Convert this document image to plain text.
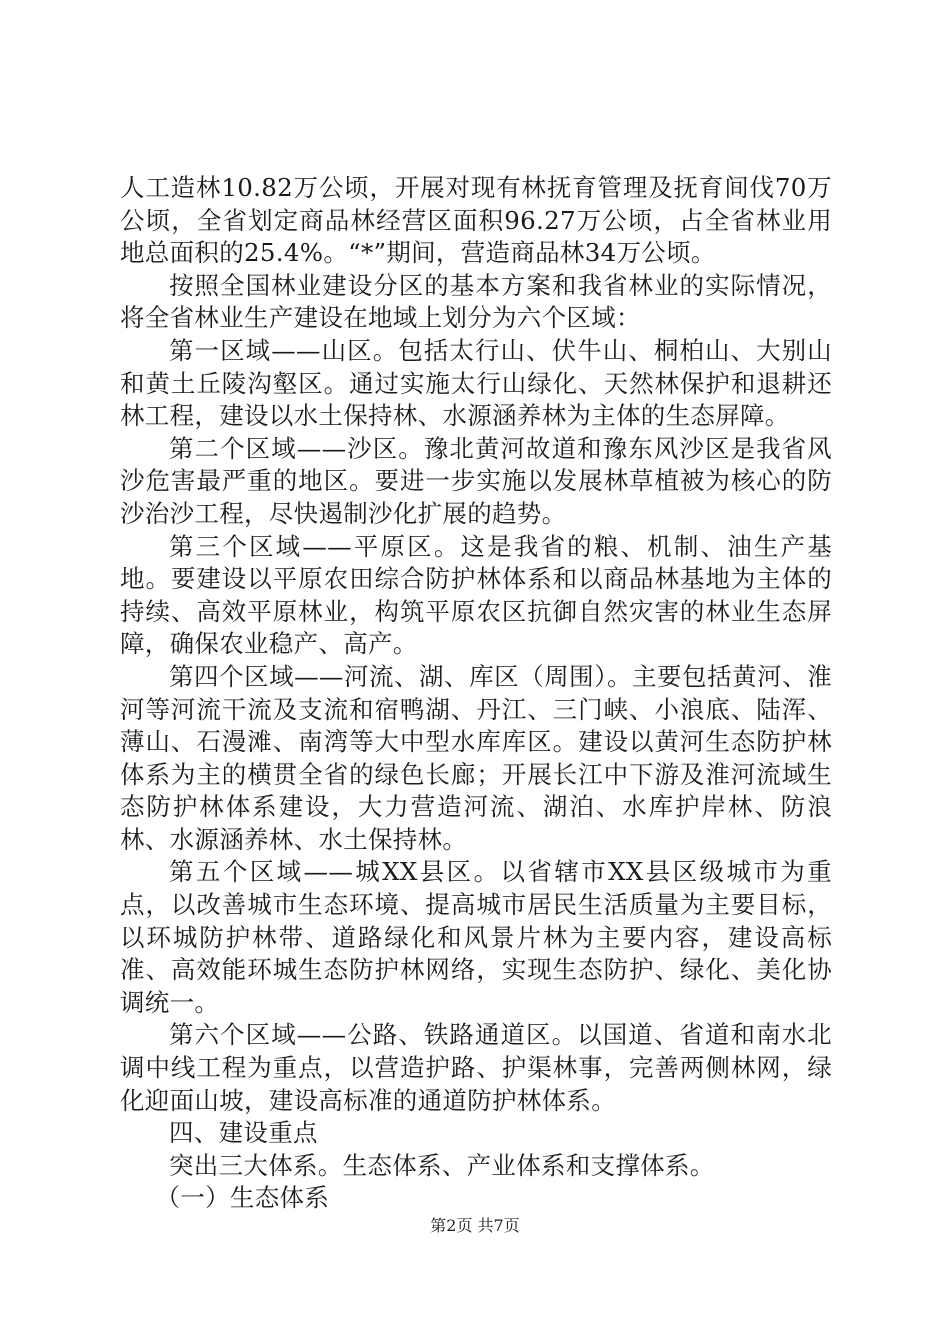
人工造林10.82万公顷，开展对现有林抚育管理及抚育间伐70万公顷，全省划定商品林经营区面积96.27万公顷，占全省林业用地总面积的25.4%。“*”期间，营造商品林34万公顷。

按照全国林业建设分区的基本方案和我省林业的实际情况，将全省林业生产建设在地域上划分为六个区域：

第一区域——山区。包括太行山、伏牛山、桐柏山、大别山和黄土丘陵沟壑区。通过实施太行山绿化、天然林保护和退耕还林工程，建设以水土保持林、水源涵养林为主体的生态屏障。

第二个区域——沙区。豫北黄河故道和豫东风沙区是我省风沙危害最严重的地区。要进一步实施以发展林草植被为核心的防沙治沙工程，尽快遏制沙化扩展的趋势。

第三个区域——平原区。这是我省的粮、机制、油生产基地。要建设以平原农田综合防护林体系和以商品林基地为主体的持续、高效平原林业，构筑平原农区抗御自然灾害的林业生态屏障，确保农业稳产、高产。

第四个区域——河流、湖、库区（周围）。主要包括黄河、淮河等河流干流及支流和宿鸭湖、丹江、三门峡、小浪底、陆浑、薄山、石漫滩、南湾等大中型水库库区。建设以黄河生态防护林体系为主的横贯全省的绿色长廊；开展长江中下游及淮河流域生态防护林体系建设，大力营造河流、湖泊、水库护岸林、防浪林、水源涵养林、水土保持林。

第五个区域——城XX县区。以省辖市XX县区级城市为重点，以改善城市生态环境、提高城市居民生活质量为主要目标，以环城防护林带、道路绿化和风景片林为主要内容，建设高标准、高效能环城生态防护林网络，实现生态防护、绿化、美化协调统一。

第六个区域——公路、铁路通道区。以国道、省道和南水北调中线工程为重点，以营造护路、护渠林事，完善两侧林网，绿化迎面山坡，建设高标准的通道防护林体系。

四、建设重点

突出三大体系。生态体系、产业体系和支撑体系。

（一）生态体系

第2页 共7页
